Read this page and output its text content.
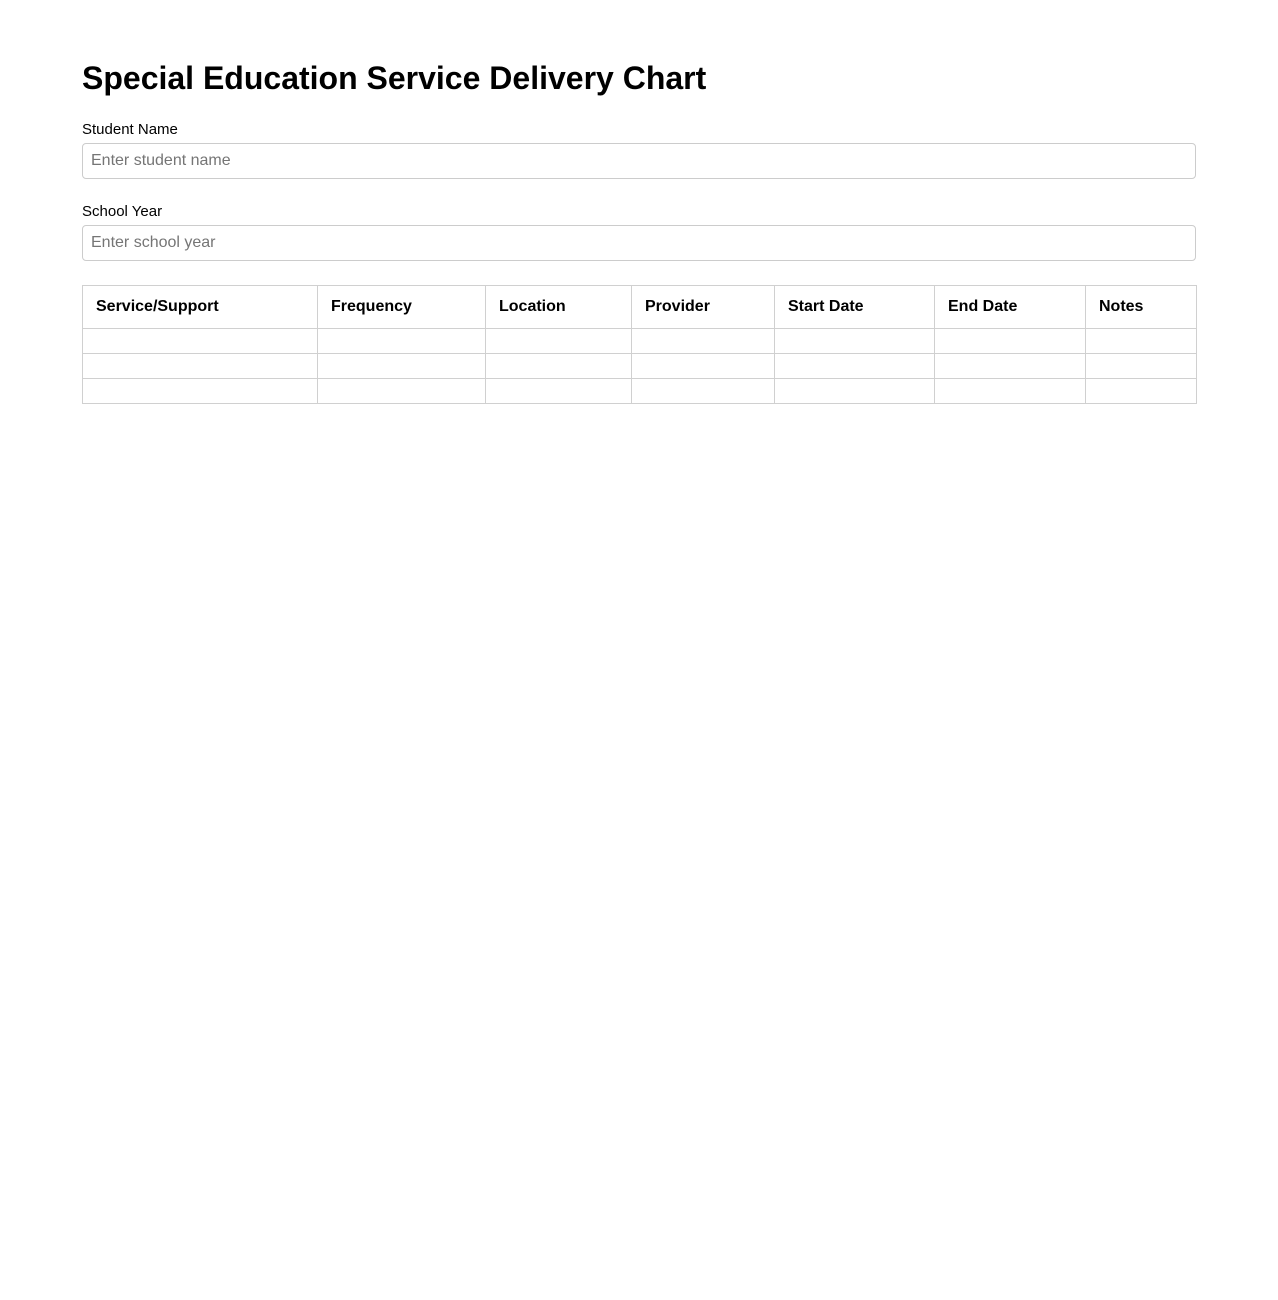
Special Education Service Delivery Chart
Student Name
Enter student name
School Year
Enter school year
Service/Support	Frequency	Location	Provider	Start Date	End Date	Notes
